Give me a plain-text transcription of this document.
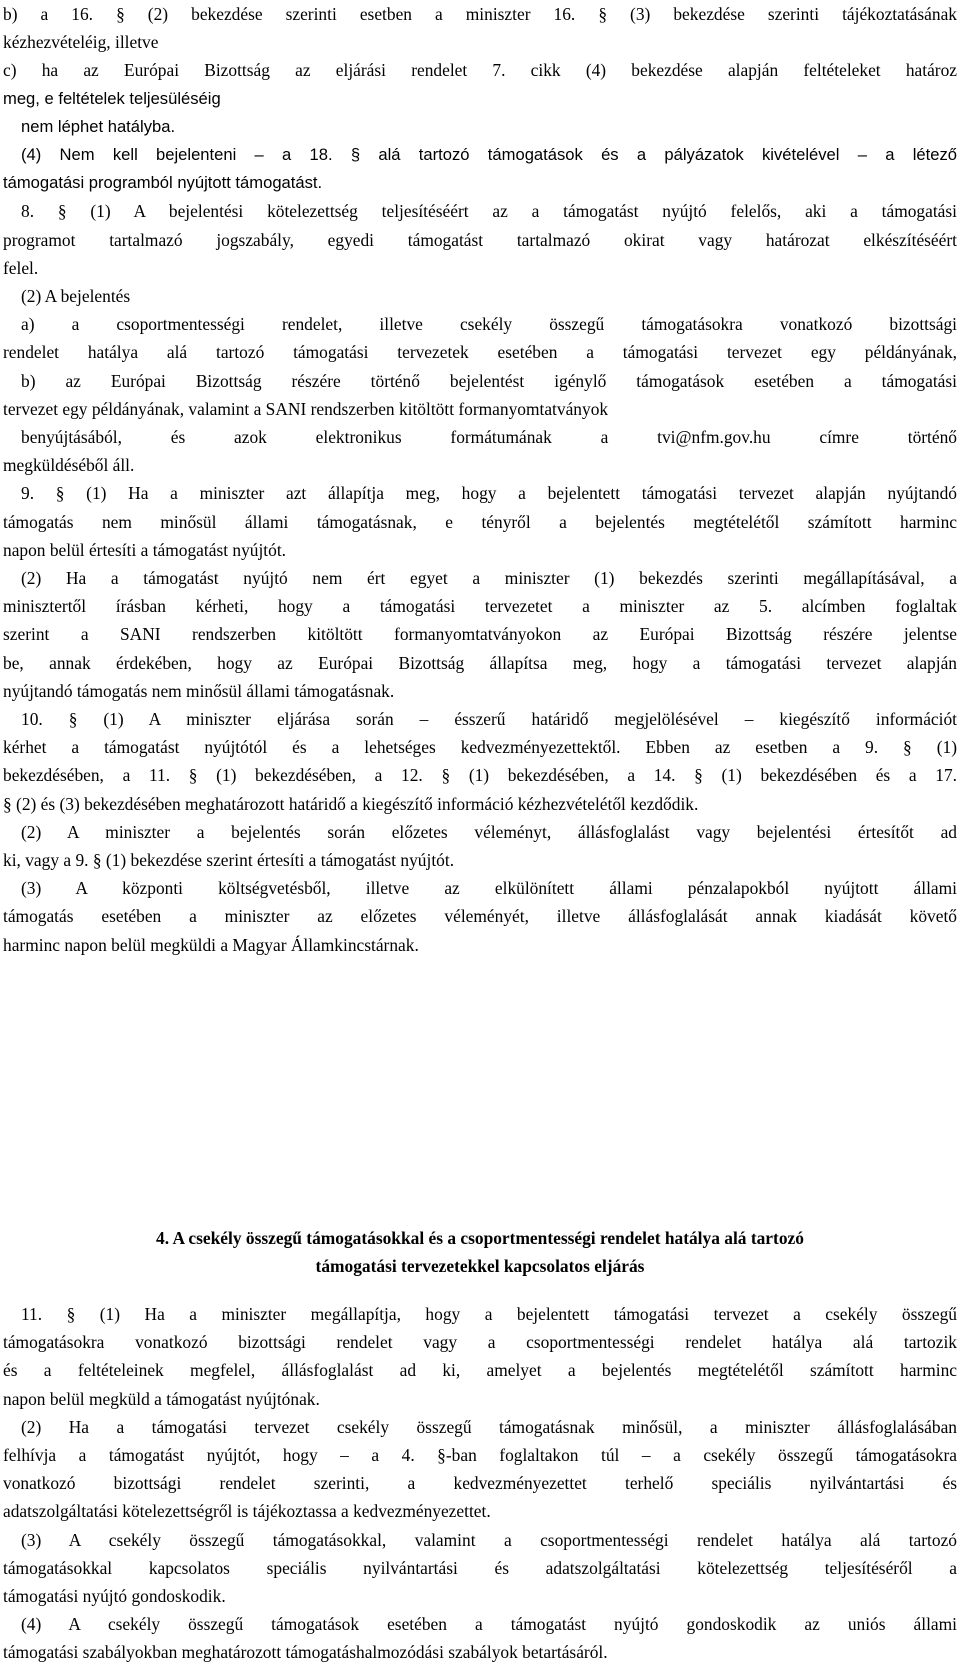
b) a 16. § (2) bekezdése szerinti esetben a miniszter 16. § (3) bekezdése szerinti tájékoztatásának

kézhezvételéig, illetve

c) ha az Európai Bizottság az eljárási rendelet 7. cikk (4) bekezdése alapján feltételeket határoz

meg, e feltételek teljesüléséig

nem léphet hatályba.

(4) Nem kell bejelenteni – a 18. § alá tartozó támogatások és a pályázatok kivételével – a létező

támogatási programból nyújtott támogatást.

8. § (1) A bejelentési kötelezettség teljesítéséért az a támogatást nyújtó felelős, aki a támogatási

programot tartalmazó jogszabály, egyedi támogatást tartalmazó okirat vagy határozat elkészítéséért

felel.

(2) A bejelentés

a) a csoportmentességi rendelet, illetve csekély összegű támogatásokra vonatkozó bizottsági

rendelet hatálya alá tartozó támogatási tervezetek esetében a támogatási tervezet egy példányának,

b) az Európai Bizottság részére történő bejelentést igénylő támogatások esetében a támogatási

tervezet egy példányának, valamint a SANI rendszerben kitöltött formanyomtatványok

benyújtásából, és azok elektronikus formátumának a tvi@nfm.gov.hu címre történő

megküldéséből áll.

9. § (1) Ha a miniszter azt állapítja meg, hogy a bejelentett támogatási tervezet alapján nyújtandó

támogatás nem minősül állami támogatásnak, e tényről a bejelentés megtételétől számított harminc

napon belül értesíti a támogatást nyújtót.

(2) Ha a támogatást nyújtó nem ért egyet a miniszter (1) bekezdés szerinti megállapításával, a

minisztertől írásban kérheti, hogy a támogatási tervezetet a miniszter az 5. alcímben foglaltak

szerint a SANI rendszerben kitöltött formanyomtatványokon az Európai Bizottság részére jelentse

be, annak érdekében, hogy az Európai Bizottság állapítsa meg, hogy a támogatási tervezet alapján

nyújtandó támogatás nem minősül állami támogatásnak.

10. § (1) A miniszter eljárása során – ésszerű határidő megjelölésével – kiegészítő információt

kérhet a támogatást nyújtótól és a lehetséges kedvezményezettektől. Ebben az esetben a 9. § (1)

bekezdésében, a 11. § (1) bekezdésében, a 12. § (1) bekezdésében, a 14. § (1) bekezdésében és a 17.

§ (2) és (3) bekezdésében meghatározott határidő a kiegészítő információ kézhezvételétől kezdődik.

(2) A miniszter a bejelentés során előzetes véleményt, állásfoglalást vagy bejelentési értesítőt ad

ki, vagy a 9. § (1) bekezdése szerint értesíti a támogatást nyújtót.

(3) A központi költségvetésből, illetve az elkülönített állami pénzalapokból nyújtott állami

támogatás esetében a miniszter az előzetes véleményét, illetve állásfoglalását annak kiadását követő

harminc napon belül megküldi a Magyar Államkincstárnak.

4. A csekély összegű támogatásokkal és a csoportmentességi rendelet hatálya alá tartozó

támogatási tervezetekkel kapcsolatos eljárás

11. § (1) Ha a miniszter megállapítja, hogy a bejelentett támogatási tervezet a csekély összegű

támogatásokra vonatkozó bizottsági rendelet vagy a csoportmentességi rendelet hatálya alá tartozik

és a feltételeinek megfelel, állásfoglalást ad ki, amelyet a bejelentés megtételétől számított harminc

napon belül megküld a támogatást nyújtónak.

(2) Ha a támogatási tervezet csekély összegű támogatásnak minősül, a miniszter állásfoglalásában

felhívja a támogatást nyújtót, hogy – a 4. §-ban foglaltakon túl – a csekély összegű támogatásokra

vonatkozó bizottsági rendelet szerinti, a kedvezményezettet terhelő speciális nyilvántartási és

adatszolgáltatási kötelezettségről is tájékoztassa a kedvezményezettet.

(3) A csekély összegű támogatásokkal, valamint a csoportmentességi rendelet hatálya alá tartozó

támogatásokkal kapcsolatos speciális nyilvántartási és adatszolgáltatási kötelezettség teljesítéséről a

támogatási nyújtó gondoskodik.

(4) A csekély összegű támogatások esetében a támogatást nyújtó gondoskodik az uniós állami

támogatási szabályokban meghatározott támogatáshalmozódási szabályok betartásáról.
